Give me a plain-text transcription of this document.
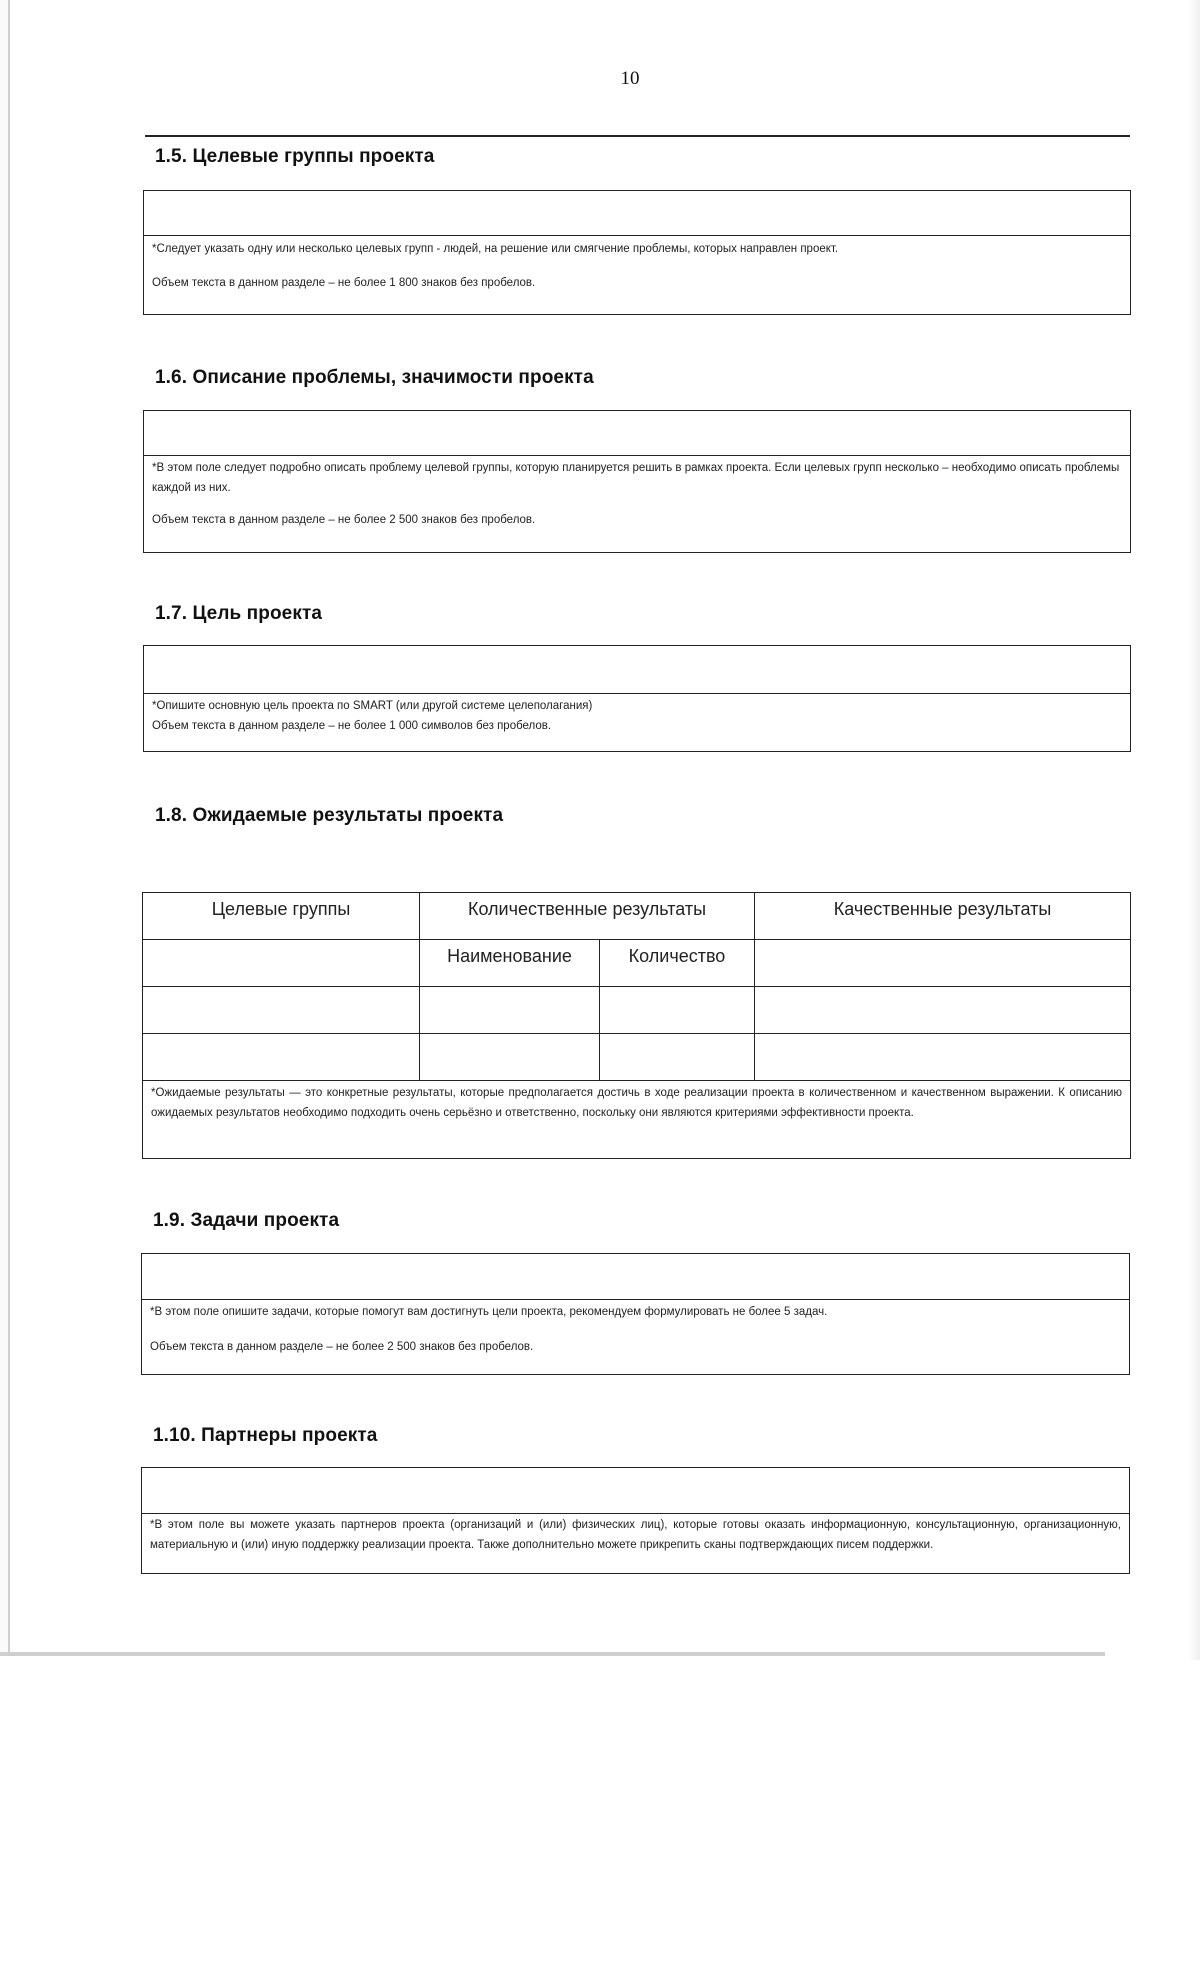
10
1.5. Целевые группы проекта

*Следует указать одну или несколько целевых групп - людей, на решение или смягчение проблемы, которых направлен проект.

Объем текста в данном разделе – не более 1 800 знаков без пробелов.

1.6. Описание проблемы, значимости проекта

*В этом поле следует подробно описать проблему целевой группы, которую планируется решить в рамках проекта. Если целевых групп несколько – необходимо описать проблемы каждой из них.

Объем текста в данном разделе – не более 2 500 знаков без пробелов.

1.7. Цель проекта

*Опишите основную цель проекта по SMART (или другой системе целеполагания)

Объем текста в данном разделе – не более 1 000 символов без пробелов.

1.8. Ожидаемые результаты проекта
Целевые группы	Количественные результаты		Качественные результаты
	Наименование	Количество	

*Ожидаемые результаты — это конкретные результаты, которые предполагается достичь в ходе реализации проекта в количественном и качественном выражении. К описанию ожидаемых результатов необходимо подходить очень серьёзно и ответственно, поскольку они являются критериями эффективности проекта.			
1.9. Задачи проекта

*В этом поле опишите задачи, которые помогут вам достигнуть цели проекта, рекомендуем формулировать не более 5 задач.

Объем текста в данном разделе – не более 2 500 знаков без пробелов.

1.10. Партнеры проекта

*В этом поле вы можете указать партнеров проекта (организаций и (или) физических лиц), которые готовы оказать информационную, консультационную, организационную, материальную и (или) иную поддержку реализации проекта. Также дополнительно можете прикрепить сканы подтверждающих писем поддержки.
